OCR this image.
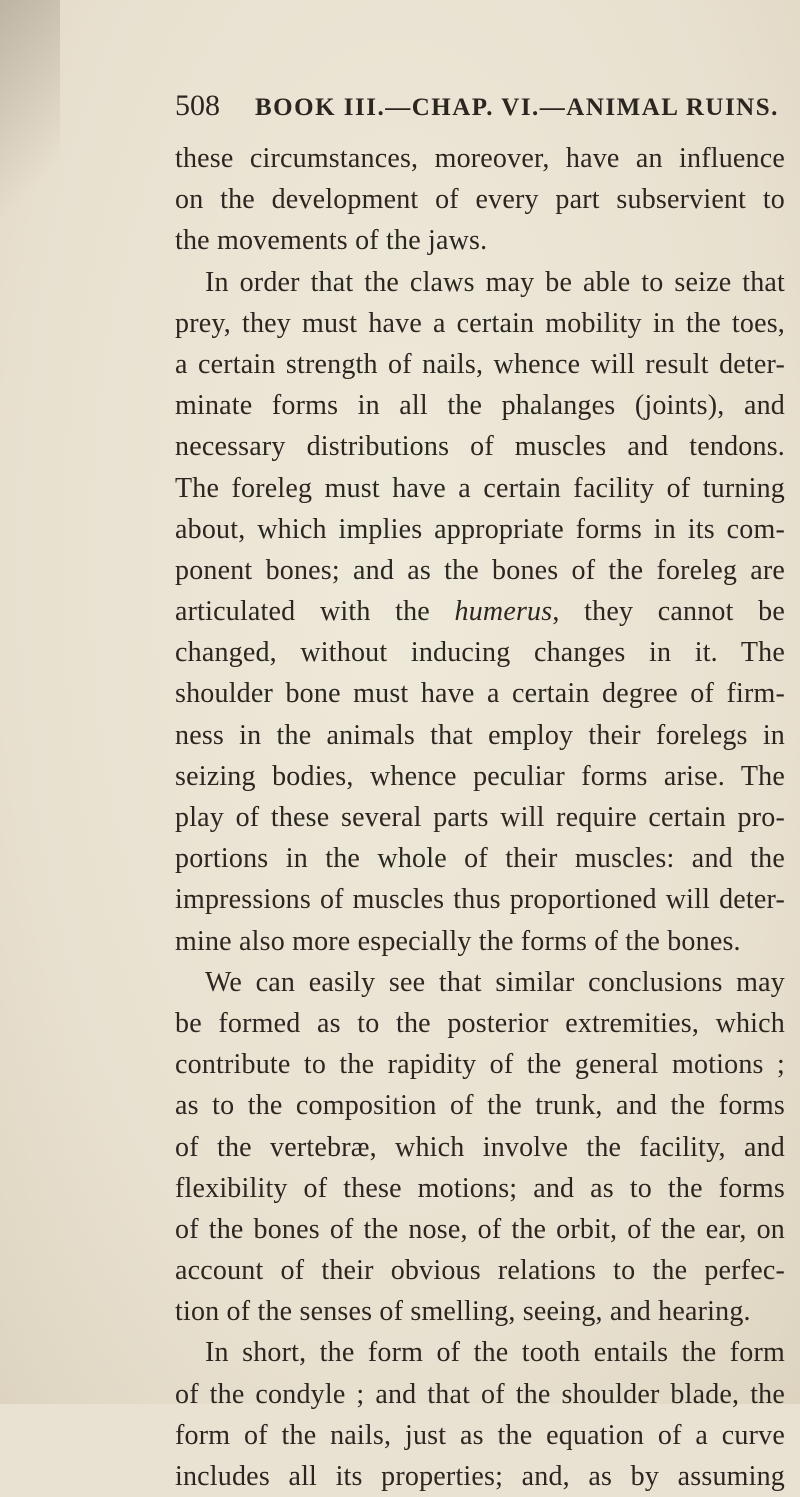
508 BOOK III.—CHAP. VI.—ANIMAL RUINS.
these circumstances, moreover, have an influence
on the development of every part subservient to
the movements of the jaws.
In order that the claws may be able to seize that
prey, they must have a certain mobility in the toes,
a certain strength of nails, whence will result deter-
minate forms in all the phalanges (joints), and
necessary distributions of muscles and tendons.
The foreleg must have a certain facility of turning
about, which implies appropriate forms in its com-
ponent bones; and as the bones of the foreleg are
articulated with the humerus, they cannot be
changed, without inducing changes in it. The
shoulder bone must have a certain degree of firm-
ness in the animals that employ their forelegs in
seizing bodies, whence peculiar forms arise. The
play of these several parts will require certain pro-
portions in the whole of their muscles: and the
impressions of muscles thus proportioned will deter-
mine also more especially the forms of the bones.
We can easily see that similar conclusions may
be formed as to the posterior extremities, which
contribute to the rapidity of the general motions ;
as to the composition of the trunk, and the forms
of the vertebræ, which involve the facility, and
flexibility of these motions; and as to the forms
of the bones of the nose, of the orbit, of the ear, on
account of their obvious relations to the perfec-
tion of the senses of smelling, seeing, and hearing.
In short, the form of the tooth entails the form
of the condyle ; and that of the shoulder blade, the
form of the nails, just as the equation of a curve
includes all its properties; and, as by assuming
